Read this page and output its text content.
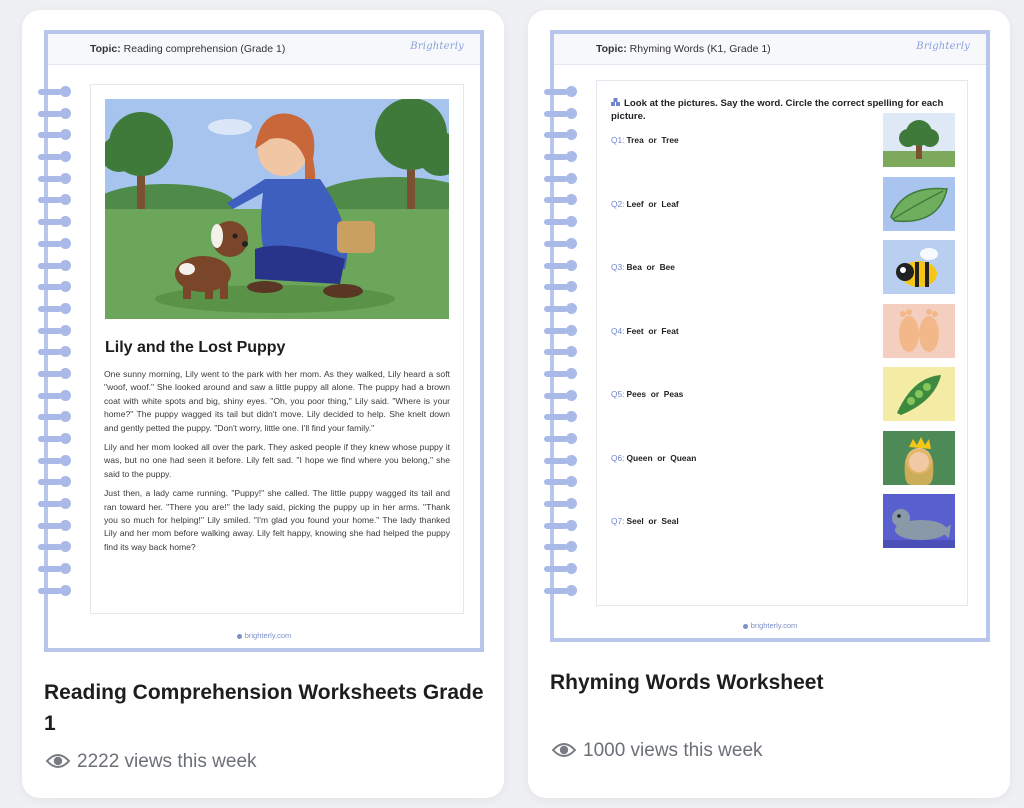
Topic: Reading comprehension (Grade 1)	Brighterly
Lily and the Lost Puppy

One sunny morning, Lily went to the park with her mom. As they walked, Lily heard a soft "woof, woof." She looked around and saw a little puppy all alone. The puppy had a brown coat with white spots and big, shiny eyes. "Oh, you poor thing," Lily said. "Where is your home?" The puppy wagged its tail but didn't move. Lily decided to help. She knelt down and gently petted the puppy. "Don't worry, little one. I'll find your family."

Lily and her mom looked all over the park. They asked people if they knew whose puppy it was, but no one had seen it before. Lily felt sad. "I hope we find where you belong," she said to the puppy.

Just then, a lady came running. "Puppy!" she called. The little puppy wagged its tail and ran toward her. "There you are!" the lady said, picking the puppy up in her arms. "Thank you so much for helping!" Lily smiled. "I'm glad you found your home." The lady thanked Lily and her mom before walking away. Lily felt happy, knowing she had helped the puppy find its way back home?

brighterly.com
Reading Comprehension Worksheets Grade 1
2222 views this week
Topic: Rhyming Words (K1, Grade 1)	Brighterly
Look at the pictures. Say the word. Circle the correct spelling for each picture.
Q1: Trea or Tree
Q2: Leef or Leaf
Q3: Bea or Bee
Q4: Feet or Feat
Q5: Pees or Peas
Q6: Queen or Quean
Q7: Seel or Seal
brighterly.com
Rhyming Words Worksheet
1000 views this week
